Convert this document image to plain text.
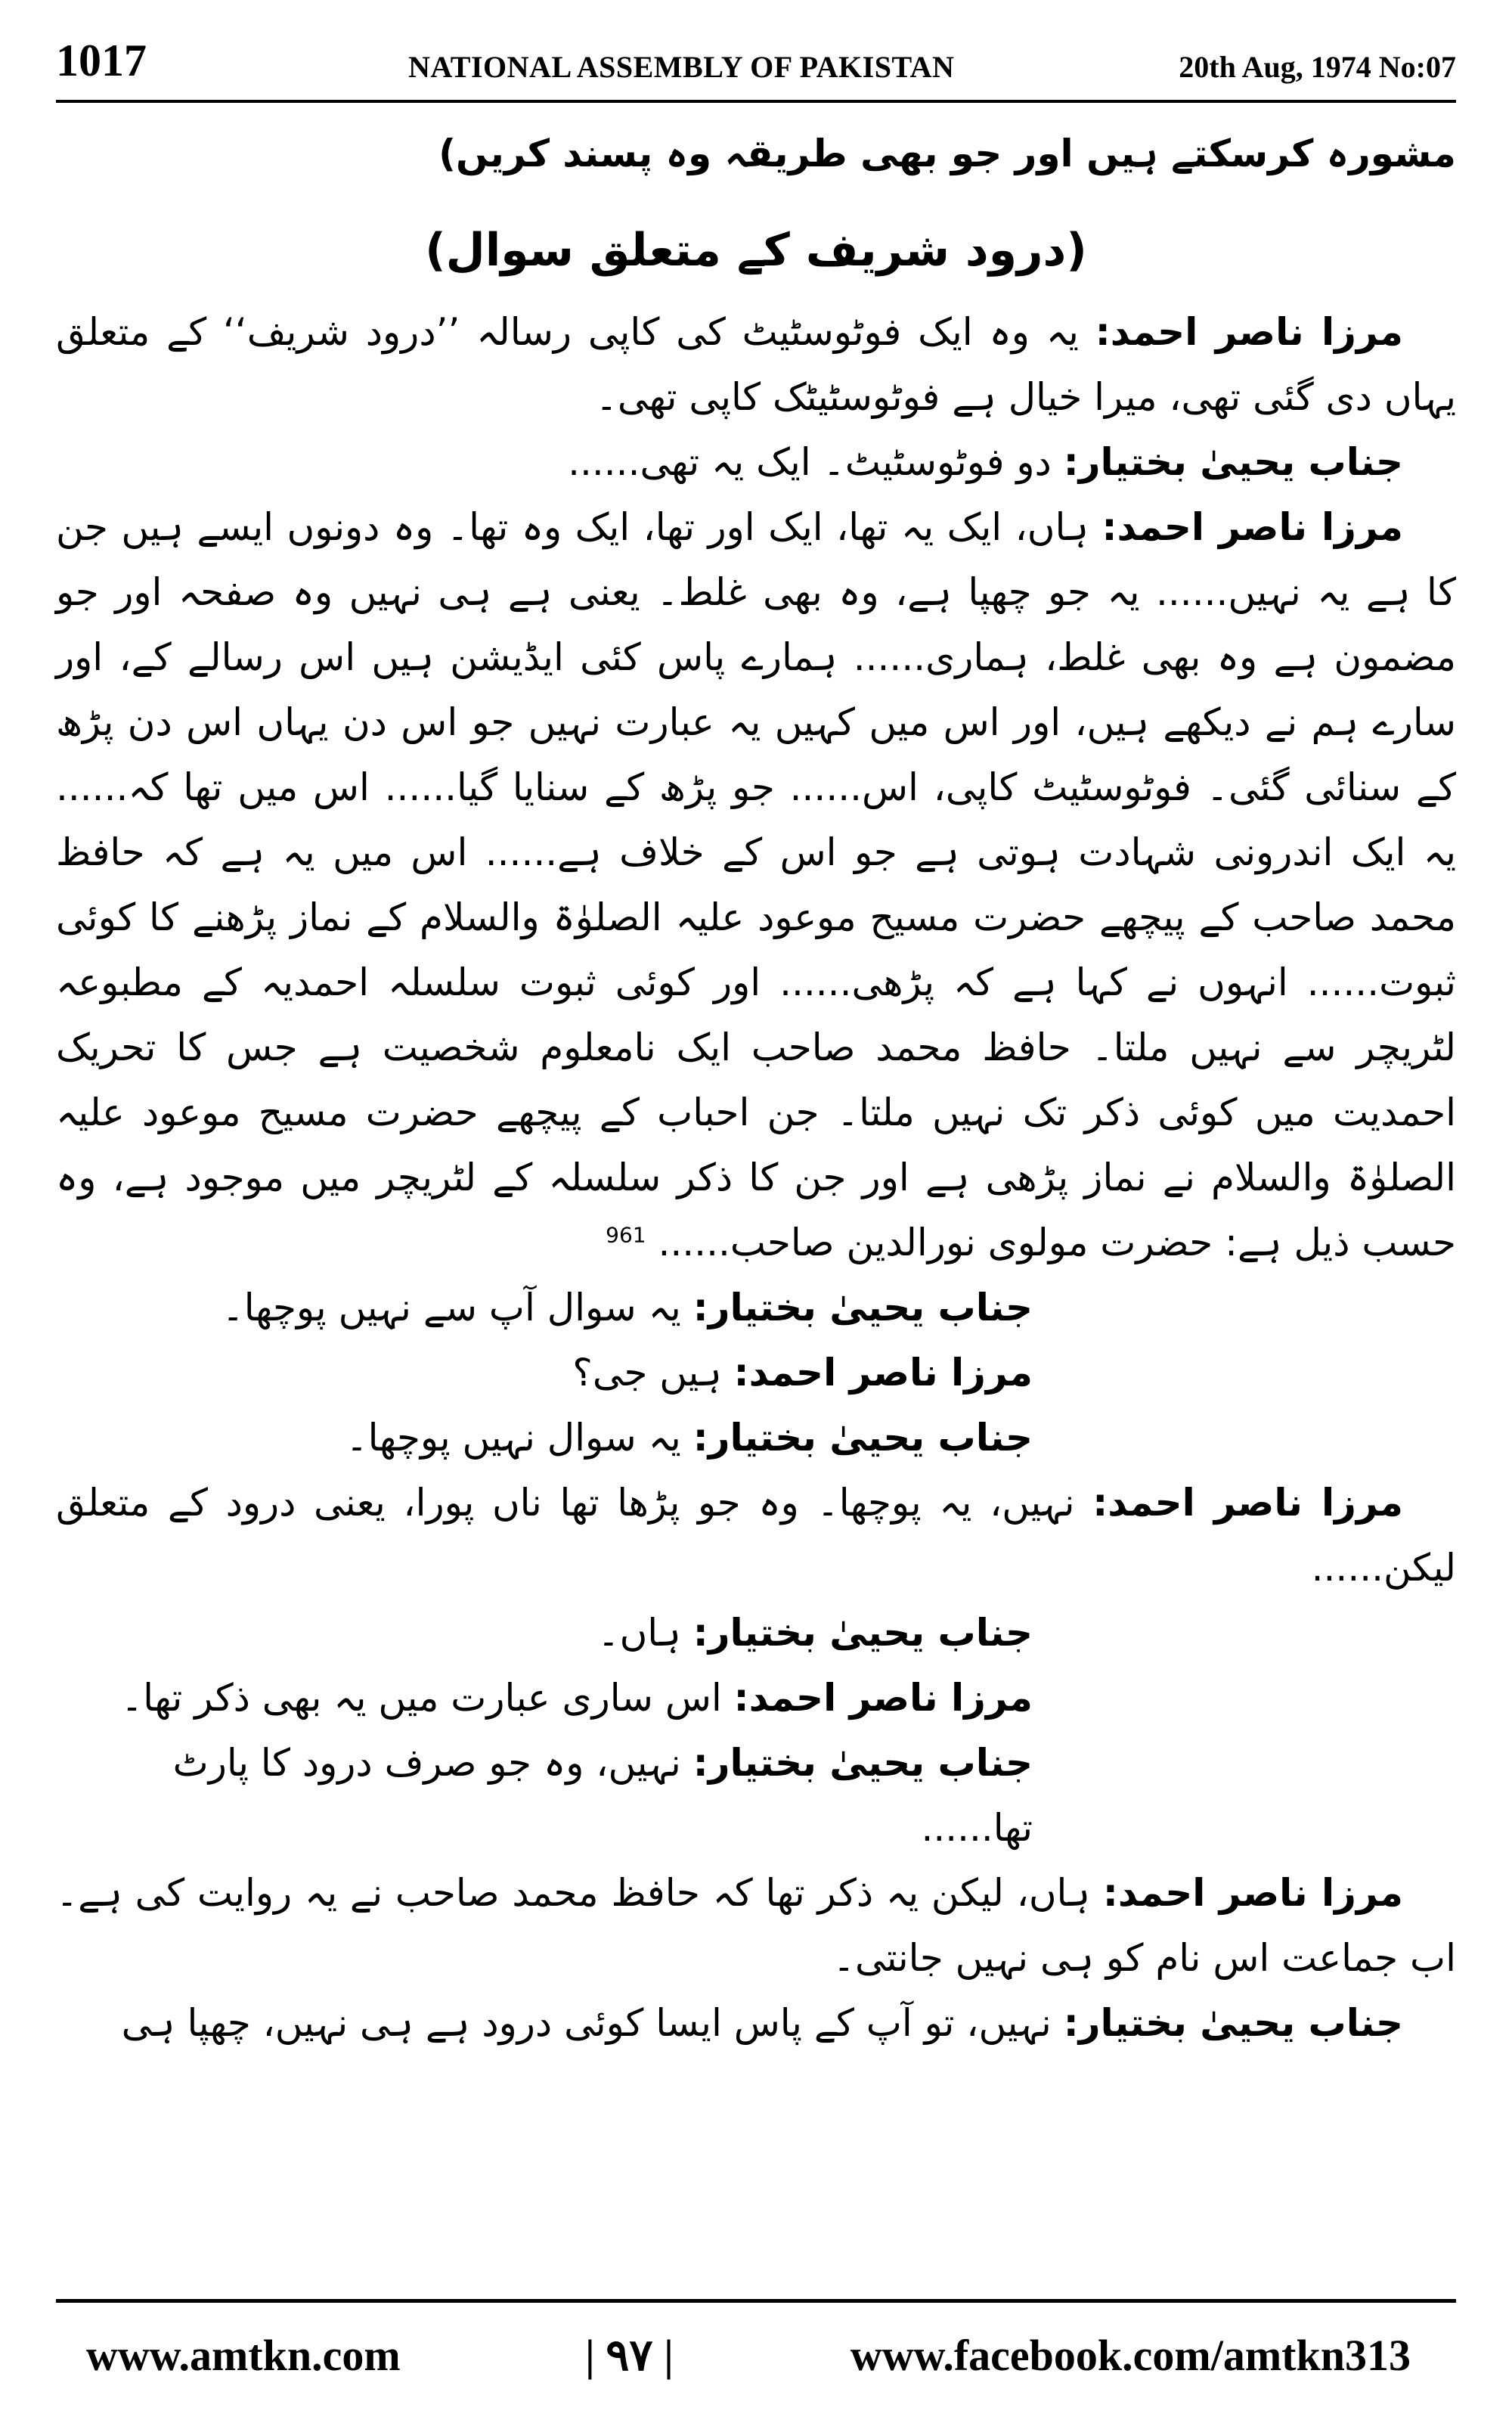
1017	NATIONAL ASSEMBLY OF PAKISTAN	20th Aug, 1974 No:07

مشورہ کرسکتے ہیں اور جو بھی طریقہ وہ پسند کریں)

(درود شریف کے متعلق سوال)

مرزا ناصر احمد: یہ وہ ایک فوٹوسٹیٹ کی کاپی رسالہ ’’درود شریف‘‘ کے متعلق یہاں دی گئی تھی، میرا خیال ہے فوٹوسٹیٹک کاپی تھی۔

جناب یحییٰ بختیار: دو فوٹوسٹیٹ۔ ایک یہ تھی......

مرزا ناصر احمد: ہاں، ایک یہ تھا، ایک اور تھا، ایک وہ تھا۔ وہ دونوں ایسے ہیں جن کا ہے یہ نہیں...... یہ جو چھپا ہے، وہ بھی غلط۔ یعنی ہے ہی نہیں وہ صفحہ اور جو مضمون ہے وہ بھی غلط، ہماری...... ہمارے پاس کئی ایڈیشن ہیں اس رسالے کے، اور سارے ہم نے دیکھے ہیں، اور اس میں کہیں یہ عبارت نہیں جو اس دن یہاں اس دن پڑھ کے سنائی گئی۔ فوٹوسٹیٹ کاپی، اس...... جو پڑھ کے سنایا گیا...... اس میں تھا کہ...... یہ ایک اندرونی شہادت ہوتی ہے جو اس کے خلاف ہے...... اس میں یہ ہے کہ حافظ محمد صاحب کے پیچھے حضرت مسیح موعود علیہ الصلوٰۃ والسلام کے نماز پڑھنے کا کوئی ثبوت...... انہوں نے کہا ہے کہ پڑھی...... اور کوئی ثبوت سلسلہ احمدیہ کے مطبوعہ لٹریچر سے نہیں ملتا۔ حافظ محمد صاحب ایک نامعلوم شخصیت ہے جس کا تحریک احمدیت میں کوئی ذکر تک نہیں ملتا۔ جن احباب کے پیچھے حضرت مسیح موعود علیہ الصلوٰۃ والسلام نے نماز پڑھی ہے اور جن کا ذکر سلسلہ کے لٹریچر میں موجود ہے، وہ حسب ذیل ہے: حضرت مولوی نورالدین صاحب...... $^{961}$

جناب یحییٰ بختیار: یہ سوال آپ سے نہیں پوچھا۔

مرزا ناصر احمد: ہیں جی؟

جناب یحییٰ بختیار: یہ سوال نہیں پوچھا۔

مرزا ناصر احمد: نہیں، یہ پوچھا۔ وہ جو پڑھا تھا ناں پورا، یعنی درود کے متعلق لیکن......

جناب یحییٰ بختیار: ہاں۔

مرزا ناصر احمد: اس ساری عبارت میں یہ بھی ذکر تھا۔

جناب یحییٰ بختیار: نہیں، وہ جو صرف درود کا پارٹ تھا......

مرزا ناصر احمد: ہاں، لیکن یہ ذکر تھا کہ حافظ محمد صاحب نے یہ روایت کی ہے۔ اب جماعت اس نام کو ہی نہیں جانتی۔

جناب یحییٰ بختیار: نہیں، تو آپ کے پاس ایسا کوئی درود ہے ہی نہیں، چھپا ہی

www.amtkn.com	| ۹۷ |	www.facebook.com/amtkn313
